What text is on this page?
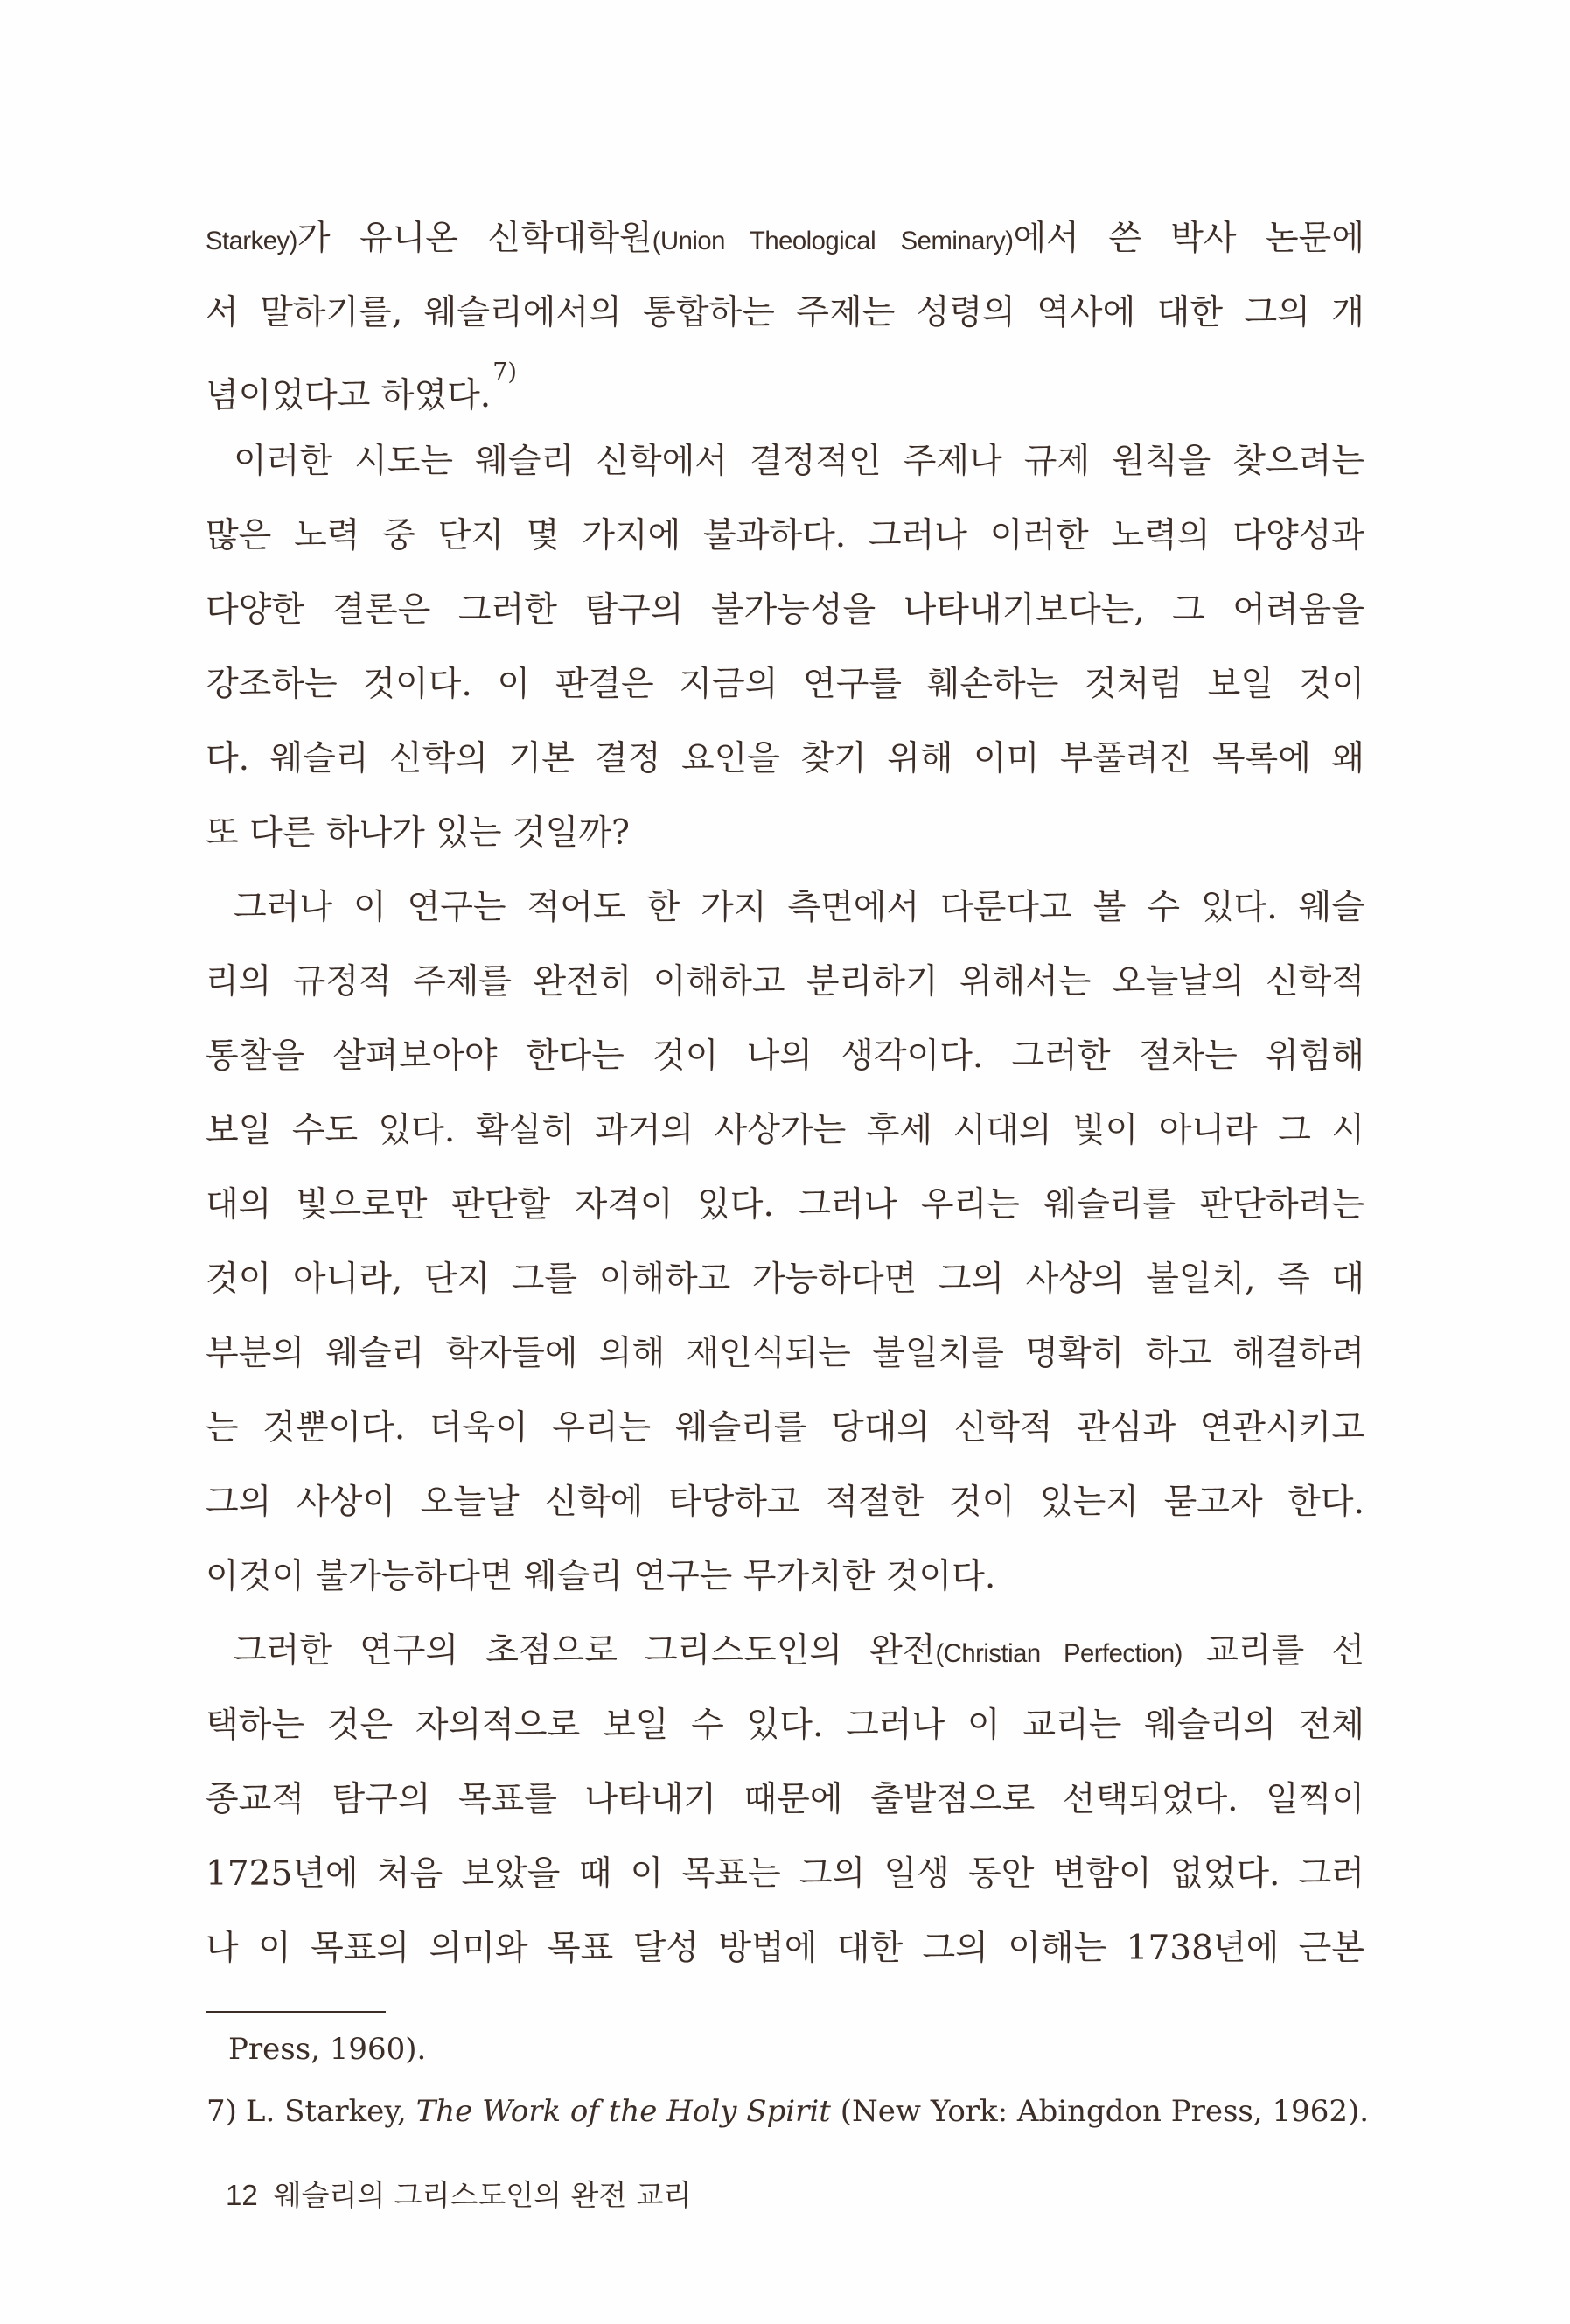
Starkey)가 유니온 신학대학원(Union Theological Seminary)에서 쓴 박사 논문에
서 말하기를, 웨슬리에서의 통합하는 주제는 성령의 역사에 대한 그의 개
념이었다고 하였다.$^{7)}$
이러한 시도는 웨슬리 신학에서 결정적인 주제나 규제 원칙을 찾으려는
많은 노력 중 단지 몇 가지에 불과하다. 그러나 이러한 노력의 다양성과
다양한 결론은 그러한 탐구의 불가능성을 나타내기보다는, 그 어려움을
강조하는 것이다. 이 판결은 지금의 연구를 훼손하는 것처럼 보일 것이
다. 웨슬리 신학의 기본 결정 요인을 찾기 위해 이미 부풀려진 목록에 왜
또 다른 하나가 있는 것일까?
그러나 이 연구는 적어도 한 가지 측면에서 다룬다고 볼 수 있다. 웨슬
리의 규정적 주제를 완전히 이해하고 분리하기 위해서는 오늘날의 신학적
통찰을 살펴보아야 한다는 것이 나의 생각이다. 그러한 절차는 위험해
보일 수도 있다. 확실히 과거의 사상가는 후세 시대의 빛이 아니라 그 시
대의 빛으로만 판단할 자격이 있다. 그러나 우리는 웨슬리를 판단하려는
것이 아니라, 단지 그를 이해하고 가능하다면 그의 사상의 불일치, 즉 대
부분의 웨슬리 학자들에 의해 재인식되는 불일치를 명확히 하고 해결하려
는 것뿐이다. 더욱이 우리는 웨슬리를 당대의 신학적 관심과 연관시키고
그의 사상이 오늘날 신학에 타당하고 적절한 것이 있는지 묻고자 한다.
이것이 불가능하다면 웨슬리 연구는 무가치한 것이다.
그러한 연구의 초점으로 그리스도인의 완전(Christian Perfection) 교리를 선
택하는 것은 자의적으로 보일 수 있다. 그러나 이 교리는 웨슬리의 전체
종교적 탐구의 목표를 나타내기 때문에 출발점으로 선택되었다. 일찍이
1725년에 처음 보았을 때 이 목표는 그의 일생 동안 변함이 없었다. 그러
나 이 목표의 의미와 목표 달성 방법에 대한 그의 이해는 1738년에 근본
Press, 1960).
7) L. Starkey, The Work of the Holy Spirit (New York: Abingdon Press, 1962).
12 웨슬리의 그리스도인의 완전 교리
